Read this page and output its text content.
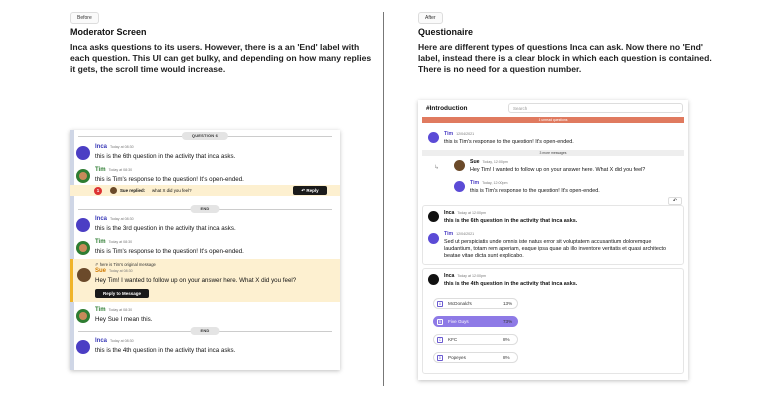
Before
Moderator Screen
Inca asks questions to its users. However, there is a an 'End' label with
each question. This UI can get bulky, and depending on how many replies
it gets, the scroll time would increase.
QUESTION 6
Inca Today at 08:30
this is the 6th question in the activity that inca asks.
Tim Today at 08:30
this is Tim's response to the question! It's open-ended.
1	Sue replied: what X did you feel?	↶ Reply
END
Inca Today at 08:30
this is the 3rd question in the activity that inca asks.
Tim Today at 08:30
this is Tim's response to the question! It's open-ended.
↱ here is Tim's original message
Sue Today at 08:30
Hey Tim! I wanted to follow up on your answer here. What X did you feel?
Reply to Message
Tim Today at 08:30
Hey Sue I mean this.
END
Inca Today at 08:30
this is the 4th question in the activity that inca asks.
After
Questionaire
Here are different types of questions Inca can ask. Now there no 'End'
label, instead there is a clear block in which each question is contained.
There is no need for a question number.
#Introduction	Search
1 unread questions
Tim 12/04/2021
this is Tim's response to the question! It's open-ended.
3 more messages
↳
Sue Today, 12:00pm
Hey Tim! I wanted to follow up on your answer here. What X did you feel?
Tim Today, 12:00pm
this is Tim's response to the question! It's open-ended.
↶
Inca Today at 12:00pm
this is the 6th question in the activity that inca asks.
Tim 12/04/2021
Sed ut perspiciatis unde omnis iste natus error sit voluptatem accusantium doloremque
laudantium, totam rem aperiam, eaque ipsa quae ab illo inventore veritatis et quasi architecto
beatae vitae dicta sunt explicabo.
Inca Today at 12:00pm
this is the 4th question in the activity that inca asks.
A	McDonald's	13%
B	Five Guys	73%
C	KFC	8%
D	Popeyes	8%
